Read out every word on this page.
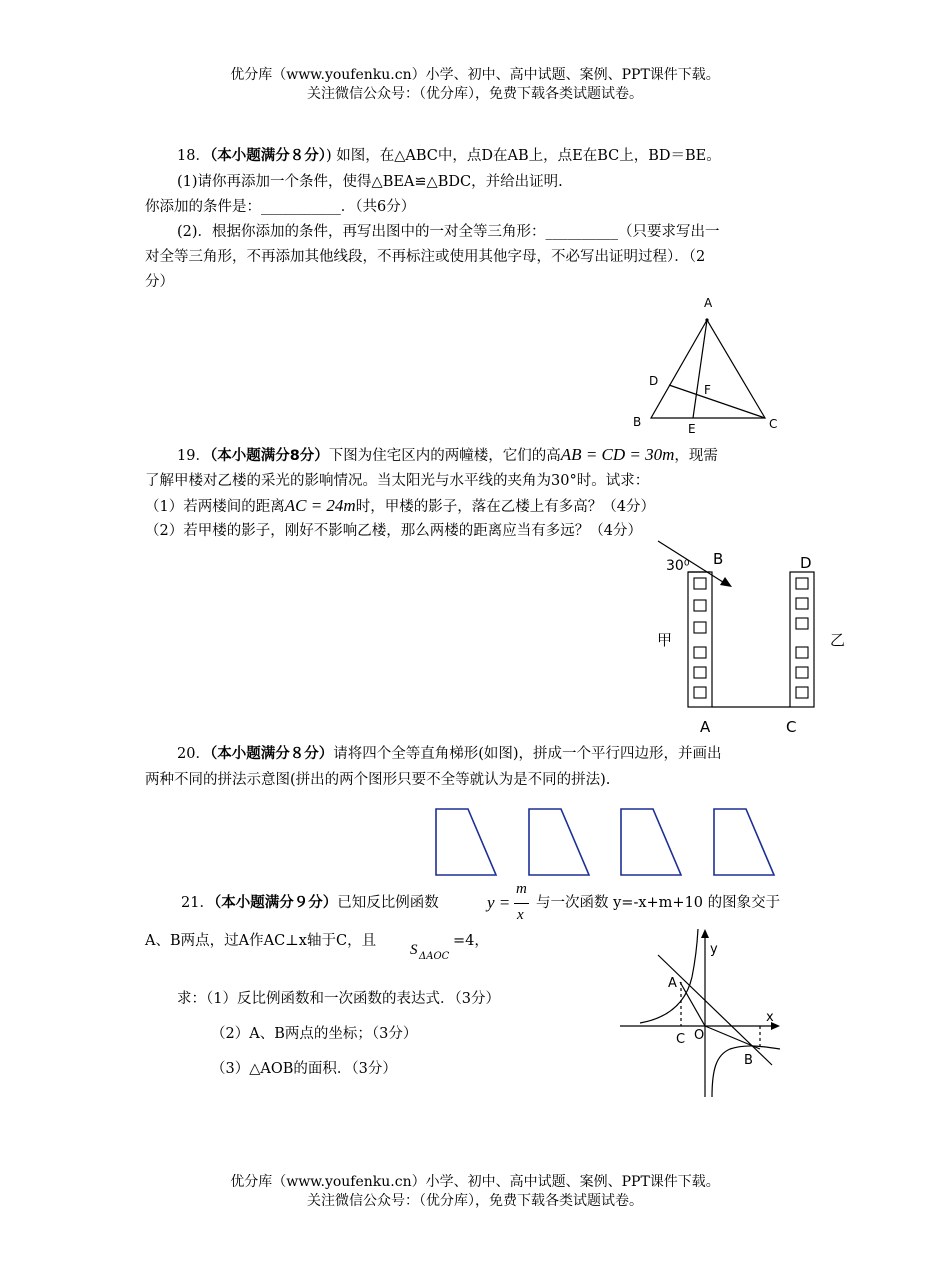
优分库（www.youfenku.cn）小学、初中、高中试题、案例、PPT课件下载。
关注微信公众号：（优分库），免费下载各类试题试卷。
18．（本小题满分８分）) 如图，在△ABC中，点D在AB上，点E在BC上，BD＝BE。
(1)请你再添加一个条件，使得△BEA≌△BDC，并给出证明.
你添加的条件是：___________．（共6分）
(2)．根据你添加的条件，再写出图中的一对全等三角形：__________（只要求写出一
对全等三角形，不再添加其他线段，不再标注或使用其他字母，不必写出证明过程）．（2
分）
A
D
F
B	E	C
19．（本小题满分8分）下图为住宅区内的两幢楼，它们的高AB = CD = 30m，现需
了解甲楼对乙楼的采光的影响情况。当太阳光与水平线的夹角为30°时。试求：
（1）若两楼间的距离AC = 24m时，甲楼的影子，落在乙楼上有多高？（4分）
（2）若甲楼的影子，刚好不影响乙楼，那么两楼的距离应当有多远？（4分）
30⁰ B	D
甲	乙
A	C
20．（本小题满分８分）请将四个全等直角梯形(如图)，拼成一个平行四边形，并画出
两种不同的拼法示意图(拼出的两个图形只要不全等就认为是不同的拼法).
21．（本小题满分９分）已知反比例函数	y =
m
x
与一次函数 y=-x+m+10 的图象交于
A、B两点，过A作AC⊥x轴于C，且
S ΔAOC
=4，
求：（1）反比例函数和一次函数的表达式．（3分）
（2）A、B两点的坐标；（3分）
（3）△AOB的面积．（3分）
y
x
A
C O
B
优分库（www.youfenku.cn）小学、初中、高中试题、案例、PPT课件下载。
关注微信公众号：（优分库），免费下载各类试题试卷。
